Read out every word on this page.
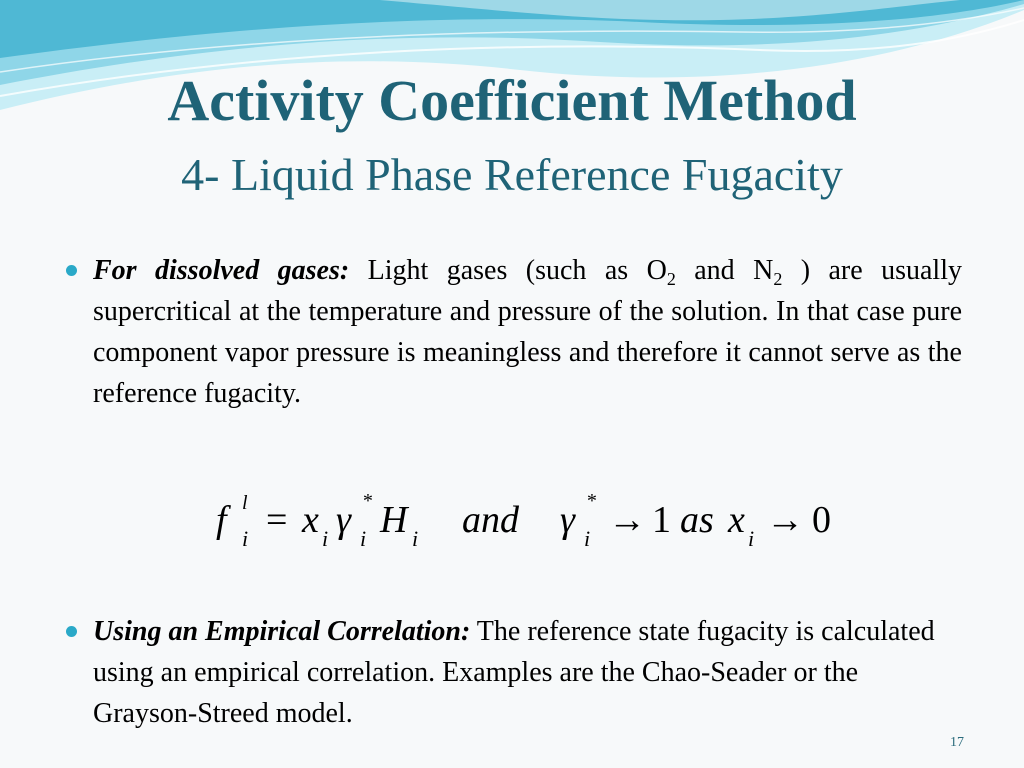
Activity Coefficient Method
4- Liquid Phase Reference Fugacity
For dissolved gases: Light gases (such as $O_2$ and $N_2$ ) are usually supercritical at the temperature and pressure of the solution. In that case pure component vapor pressure is meaningless and therefore it cannot serve as the reference fugacity.
f l
i = x i γ *
i H i and γ *
i → 1 as x i → 0
Using an Empirical Correlation: The reference state fugacity is calculated using an empirical correlation. Examples are the Chao-Seader or the Grayson-Streed model.
17
